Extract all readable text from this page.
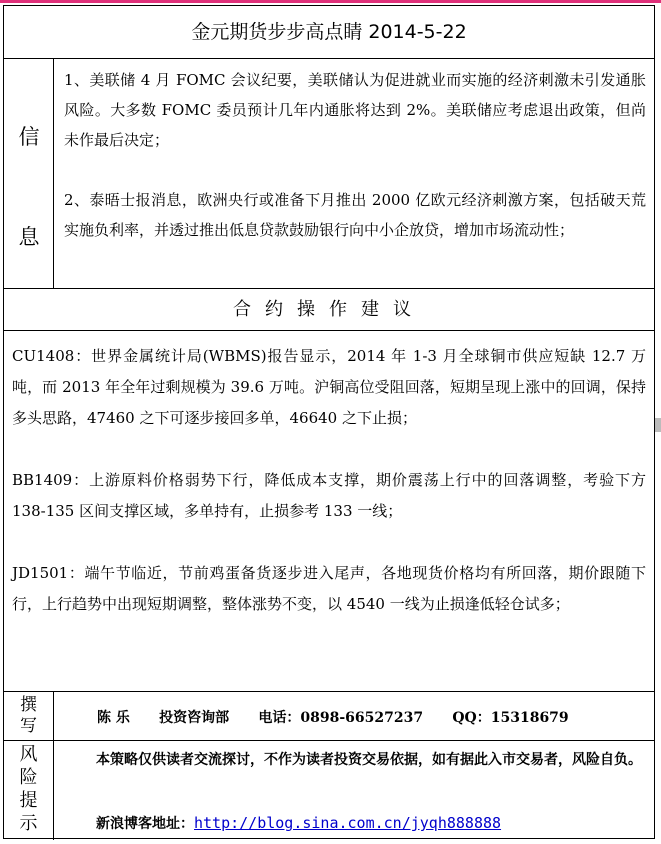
金元期货步步高点睛 2014-5-22
信
息

1、美联储 4 月 FOMC 会议纪要，美联储认为促进就业而实施的经济刺激未引发通胀风险。大多数 FOMC 委员预计几年内通胀将达到 2%。美联储应考虑退出政策，但尚未作最后决定；

2、泰晤士报消息，欧洲央行或准备下月推出 2000 亿欧元经济刺激方案，包括破天荒实施负利率，并透过推出低息贷款鼓励银行向中小企放贷，增加市场流动性；

合约操作建议

CU1408：世界金属统计局(WBMS)报告显示，2014 年 1-3 月全球铜市供应短缺 12.7 万吨，而 2013 年全年过剩规模为 39.6 万吨。沪铜高位受阻回落，短期呈现上涨中的回调，保持多头思路，47460 之下可逐步接回多单，46640 之下止损；

BB1409：上游原料价格弱势下行，降低成本支撑，期价震荡上行中的回落调整，考验下方 138-135 区间支撑区域，多单持有，止损参考 133 一线；

JD1501：端午节临近，节前鸡蛋备货逐步进入尾声，各地现货价格均有所回落，期价跟随下行，上行趋势中出现短期调整，整体涨势不变，以 4540 一线为止损逢低轻仓试多；

撰
写	陈 乐 投资咨询部 电话：0898-66527237 QQ：15318679
风
险
提
示
本策略仅供读者交流探讨，不作为读者投资交易依据，如有据此入市交易者，风险自负。
新浪博客地址：http://blog.sina.com.cn/jyqh888888
